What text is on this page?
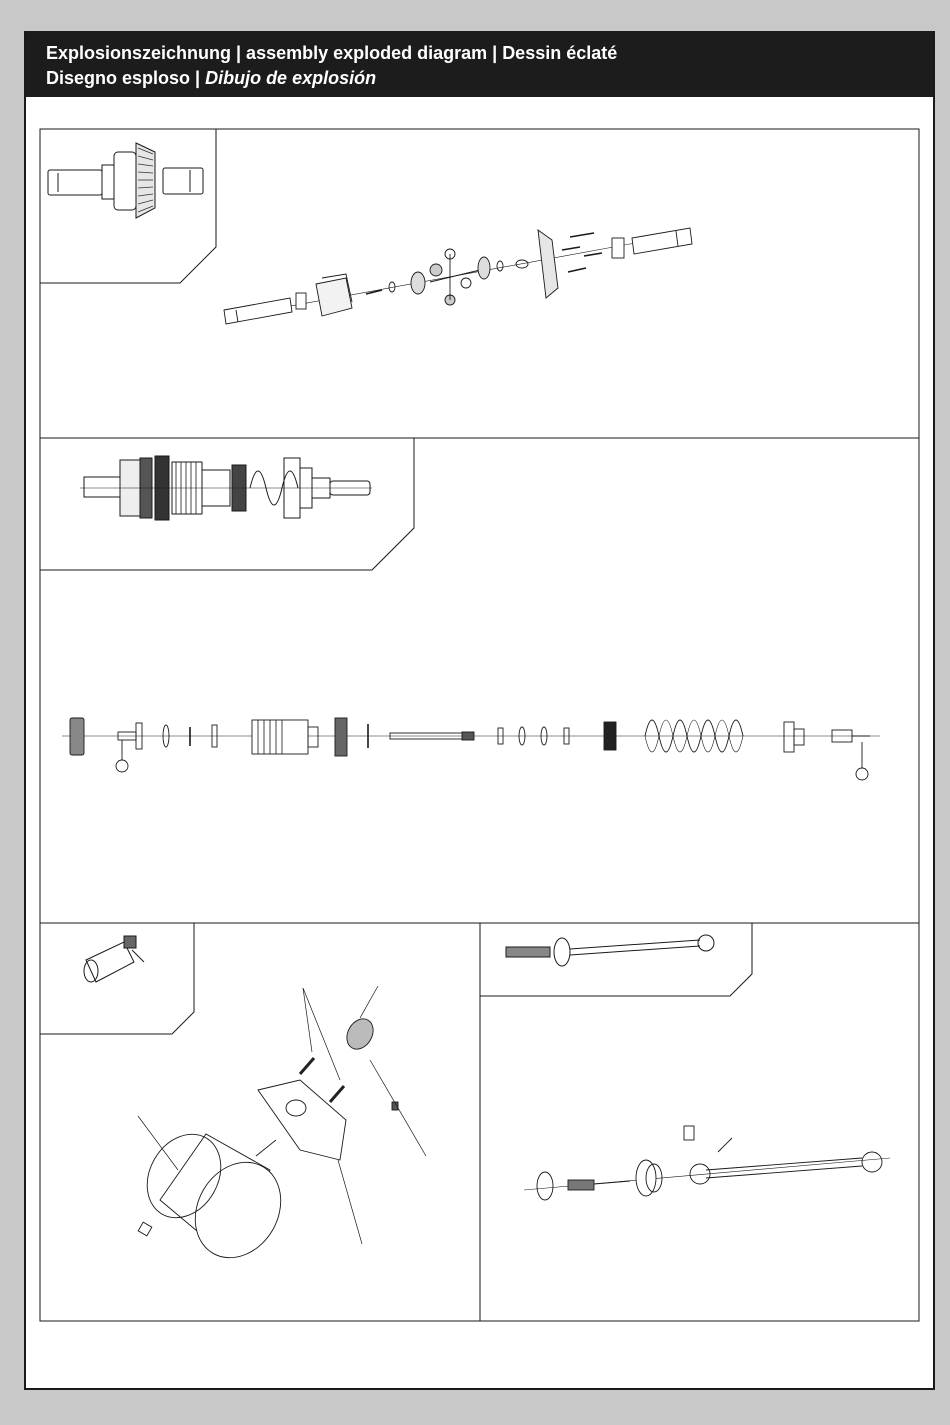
Explosionszeichnung | assembly exploded diagram | Dessin éclaté
Disegno esploso | Dibujo de explosión
